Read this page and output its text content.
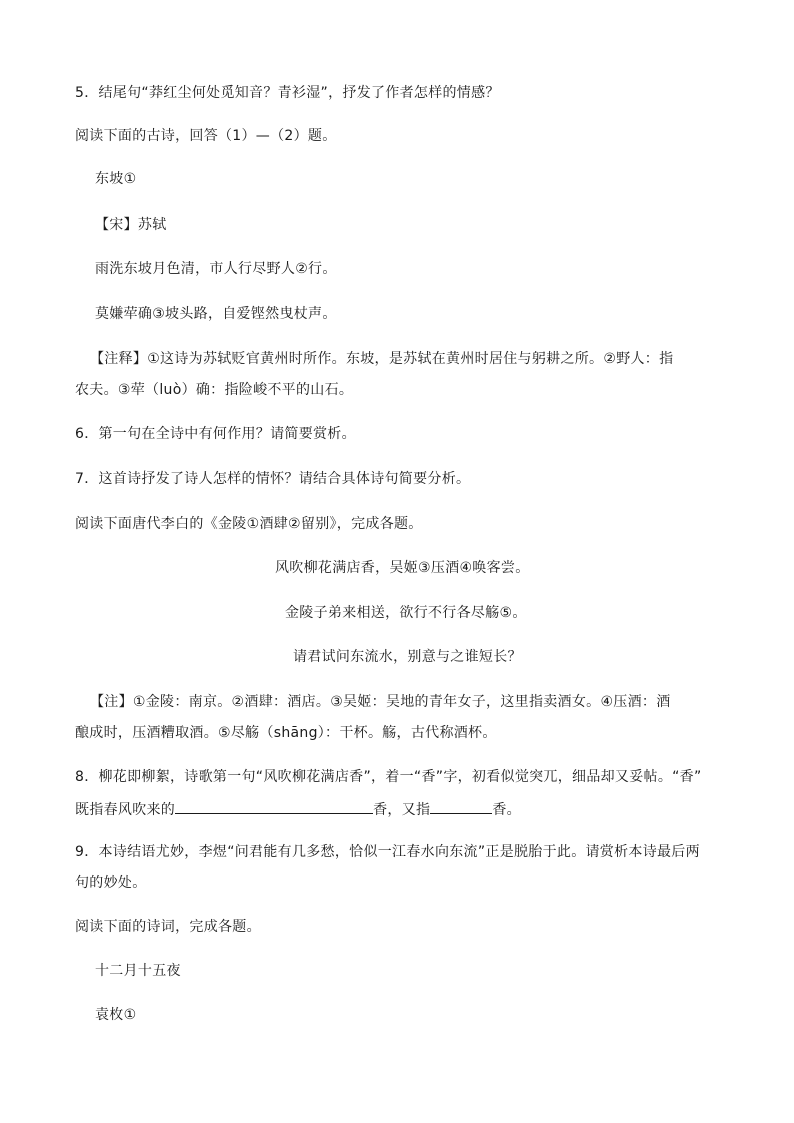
5．结尾句“莽红尘何处觅知音？青衫湿”，抒发了作者怎样的情感？
阅读下面的古诗，回答（1）—（2）题。
东坡①
【宋】苏轼
雨洗东坡月色清，市人行尽野人②行。
莫嫌荦确③坡头路，自爱铿然曳杖声。
【注释】①这诗为苏轼贬官黄州时所作。东坡，是苏轼在黄州时居住与躬耕之所。②野人：指
农夫。③荦（luò）确：指险峻不平的山石。
6．第一句在全诗中有何作用？请简要赏析。
7．这首诗抒发了诗人怎样的情怀？请结合具体诗句简要分析。
阅读下面唐代李白的《金陵①酒肆②留别》，完成各题。
风吹柳花满店香，吴姬③压酒④唤客尝。
金陵子弟来相送，欲行不行各尽觞⑤。
请君试问东流水，别意与之谁短长？
【注】①金陵：南京。②酒肆：酒店。③吴姬：吴地的青年女子，这里指卖酒女。④压酒：酒
酿成时，压酒糟取酒。⑤尽觞（shāng）：干杯。觞，古代称酒杯。
8．柳花即柳絮，诗歌第一句“风吹柳花满店香”，着一“香”字，初看似觉突兀，细品却又妥帖。“香”
既指春风吹来的	香，又指	香。
9．本诗结语尤妙，李煜“问君能有几多愁，恰似一江春水向东流”正是脱胎于此。请赏析本诗最后两
句的妙处。
阅读下面的诗词，完成各题。
十二月十五夜
袁枚①
